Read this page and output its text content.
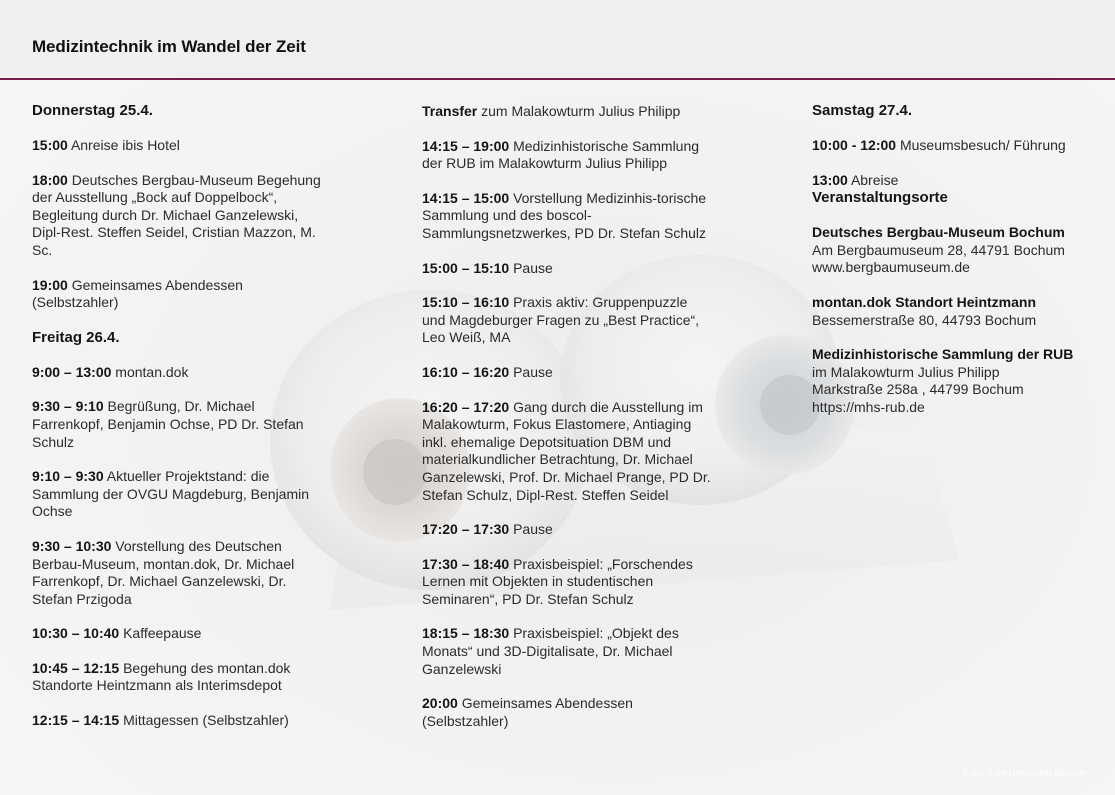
Medizintechnik im Wandel der Zeit
Donnerstag 25.4.
15:00 Anreise ibis Hotel
18:00 Deutsches Bergbau-Museum Begehung der Ausstellung „Bock auf Doppelbock“, Begleitung durch Dr. Michael Ganzelewski, Dipl-Rest. Steffen Seidel, Cristian Mazzon, M. Sc.
19:00 Gemeinsames Abendessen (Selbstzahler)
Freitag 26.4.
9:00 – 13:00 montan.dok
9:30 – 9:10 Begrüßung, Dr. Michael Farrenkopf, Benjamin Ochse, PD Dr. Stefan Schulz
9:10 – 9:30 Aktueller Projektstand: die Sammlung der OVGU Magdeburg, Benjamin Ochse
9:30 – 10:30 Vorstellung des Deutschen Berbau-Museum, montan.dok, Dr. Michael Farrenkopf, Dr. Michael Ganzelewski, Dr. Stefan Przigoda
10:30 – 10:40 Kaffeepause
10:45 – 12:15 Begehung des montan.dok Standorte Heintzmann als Interimsdepot
12:15 – 14:15 Mittagessen (Selbstzahler)
Transfer zum Malakowturm Julius Philipp
14:15 – 19:00 Medizinhistorische Sammlung der RUB im Malakowturm Julius Philipp
14:15 – 15:00 Vorstellung Medizinhis-torische Sammlung und des boscol-Sammlungsnetzwerkes, PD Dr. Stefan Schulz
15:00 – 15:10 Pause
15:10 – 16:10 Praxis aktiv: Gruppenpuzzle und Magdeburger Fragen zu „Best Practice“, Leo Weiß, MA
16:10 – 16:20 Pause
16:20 – 17:20 Gang durch die Ausstellung im Malakowturm, Fokus Elastomere, Antiaging inkl. ehemalige Depotsituation DBM und materialkundlicher Betrachtung, Dr. Michael Ganzelewski, Prof. Dr. Michael Prange, PD Dr. Stefan Schulz, Dipl-Rest. Steffen Seidel
17:20 – 17:30 Pause
17:30 – 18:40 Praxisbeispiel: „Forschendes Lernen mit Objekten in studentischen Seminaren“, PD Dr. Stefan Schulz
18:15 – 18:30 Praxisbeispiel: „Objekt des Monats“ und 3D-Digitalisate, Dr. Michael Ganzelewski
20:00 Gemeinsames Abendessen (Selbstzahler)
Samstag 27.4.
10:00 - 12:00 Museumsbesuch/ Führung
13:00 Abreise
Veranstaltungsorte
Deutsches Bergbau-Museum Bochum
Am Bergbaumuseum 28, 44791 Bochum
www.bergbaumuseum.de
montan.dok Standort Heintzmann
Bessemerstraße 80, 44793 Bochum
Medizinhistorische Sammlung der RUB
im Malakowturm Julius Philipp
Markstraße 258a , 44799 Bochum
https://mhs-rub.de
Foto: Ruhr-Universität Bochum
